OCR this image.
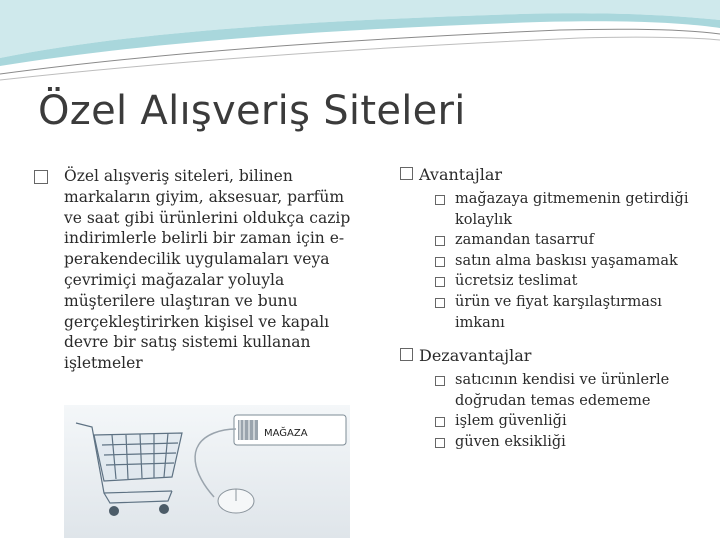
Özel Alışveriş Siteleri
Özel alışveriş siteleri, bilinen markaların giyim, aksesuar, parfüm ve saat gibi ürünlerini oldukça cazip indirimlerle belirli bir zaman için e-perakendecilik uygulamaları veya çevrimiçi mağazalar yoluyla müşterilere ulaştıran ve bunu gerçekleştirirken kişisel ve kapalı devre bir satış sistemi kullanan işletmeler
Avantajlar
mağazaya gitmemenin getirdiği kolaylık
zamandan tasarruf
satın alma baskısı yaşamamak
ücretsiz teslimat
ürün ve fiyat karşılaştırması imkanı
Dezavantajlar
satıcının kendisi ve ürünlerle doğrudan temas edememe
işlem güvenliği
güven eksikliği
MAĞAZA
